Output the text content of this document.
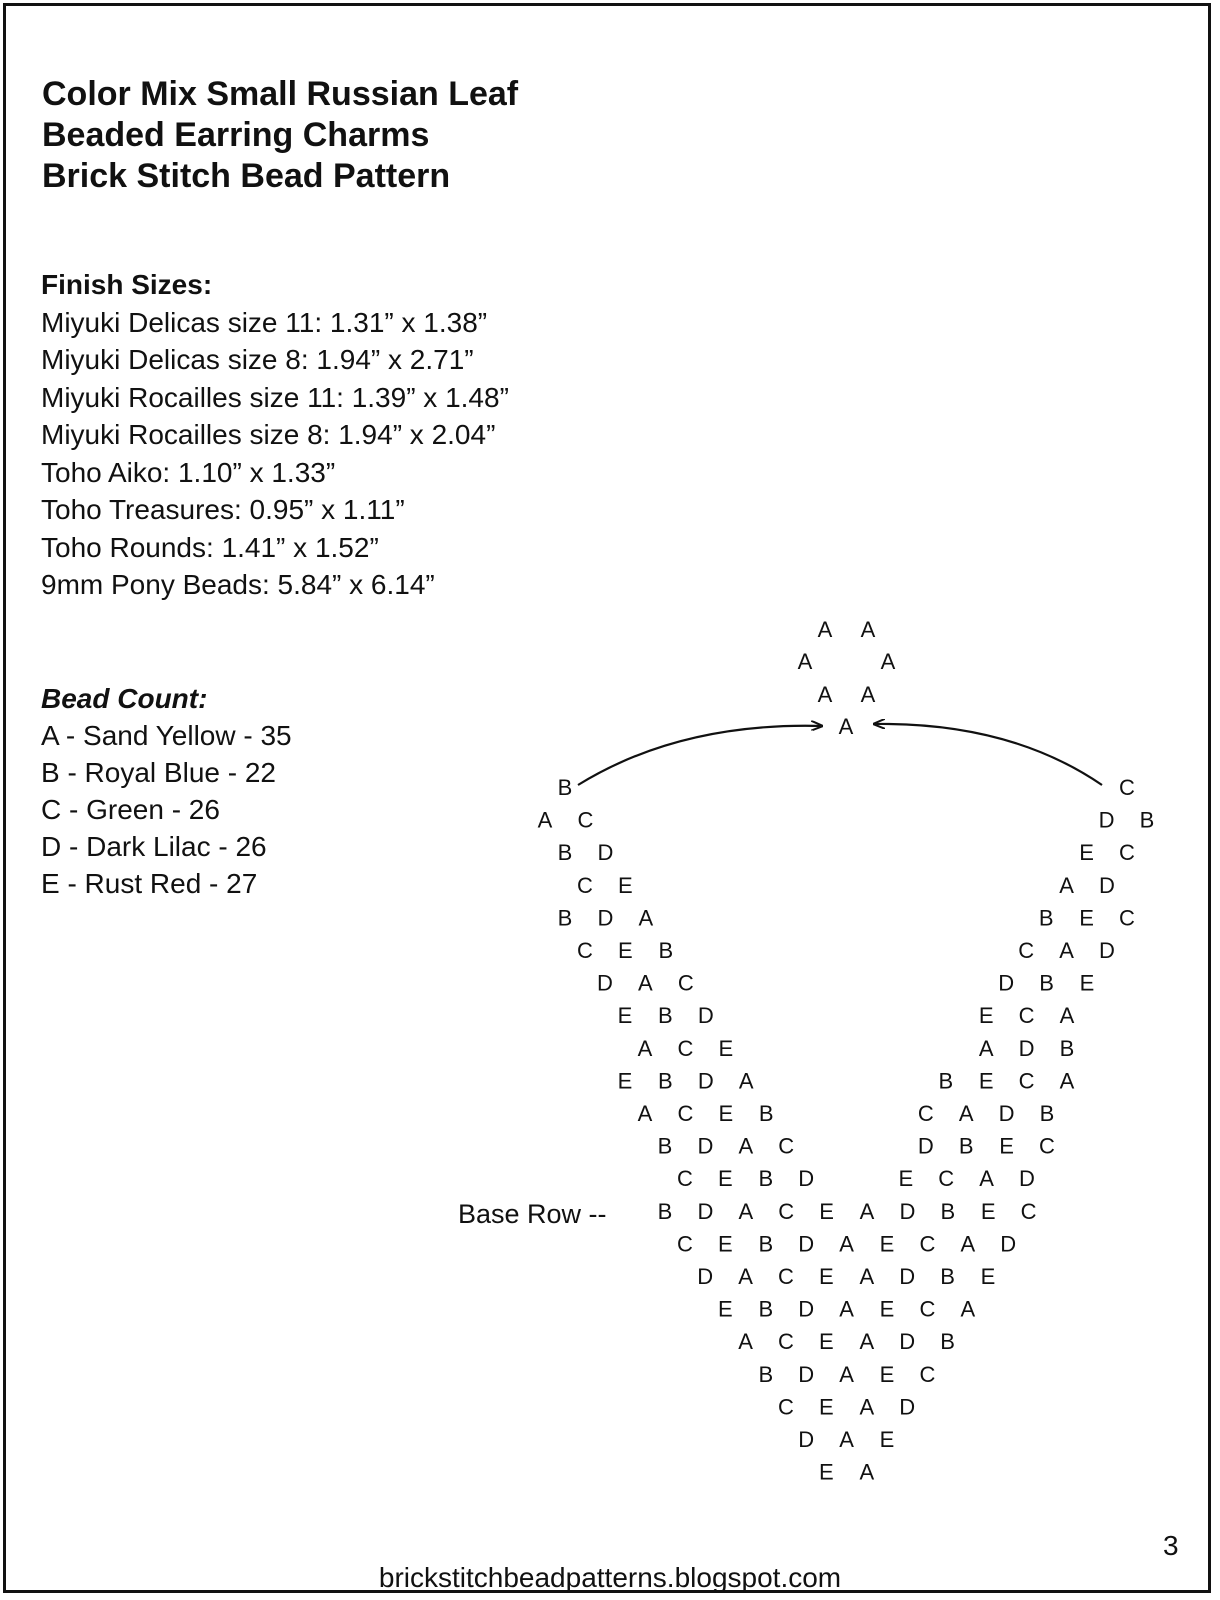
Color Mix Small Russian Leaf
Beaded Earring Charms
Brick Stitch Bead Pattern
Finish Sizes:
Miyuki Delicas size 11: 1.31” x 1.38”
Miyuki Delicas size 8: 1.94” x 2.71”
Miyuki Rocailles size 11: 1.39” x 1.48”
Miyuki Rocailles size 8: 1.94” x 2.04”
Toho Aiko: 1.10” x 1.33”
Toho Treasures: 0.95” x 1.11”
Toho Rounds: 1.41” x 1.52”
9mm Pony Beads: 5.84” x 6.14”
Bead Count:
A - Sand Yellow - 35
B - Royal Blue - 22
C - Green - 26
D - Dark Lilac - 26
E - Rust Red - 27
A A
A	A
A A
A
B
A C
B D
C E
B D A
C E B
D A C
E B D
A C E
E B D A
A C E B
B D A C
C E B D
C
D B
E C
A D
B E C
C A D
D B E
E C A
A D B
B E C A
C A D B
D B E C
E C A D
B D A C E A D B E C
C E B D A E C A D
D A C E A D B E
E B D A E C A
A C E A D B
B D A E C
C E A D
D A E
E A
Base Row --
3
brickstitchbeadpatterns.blogspot.com
